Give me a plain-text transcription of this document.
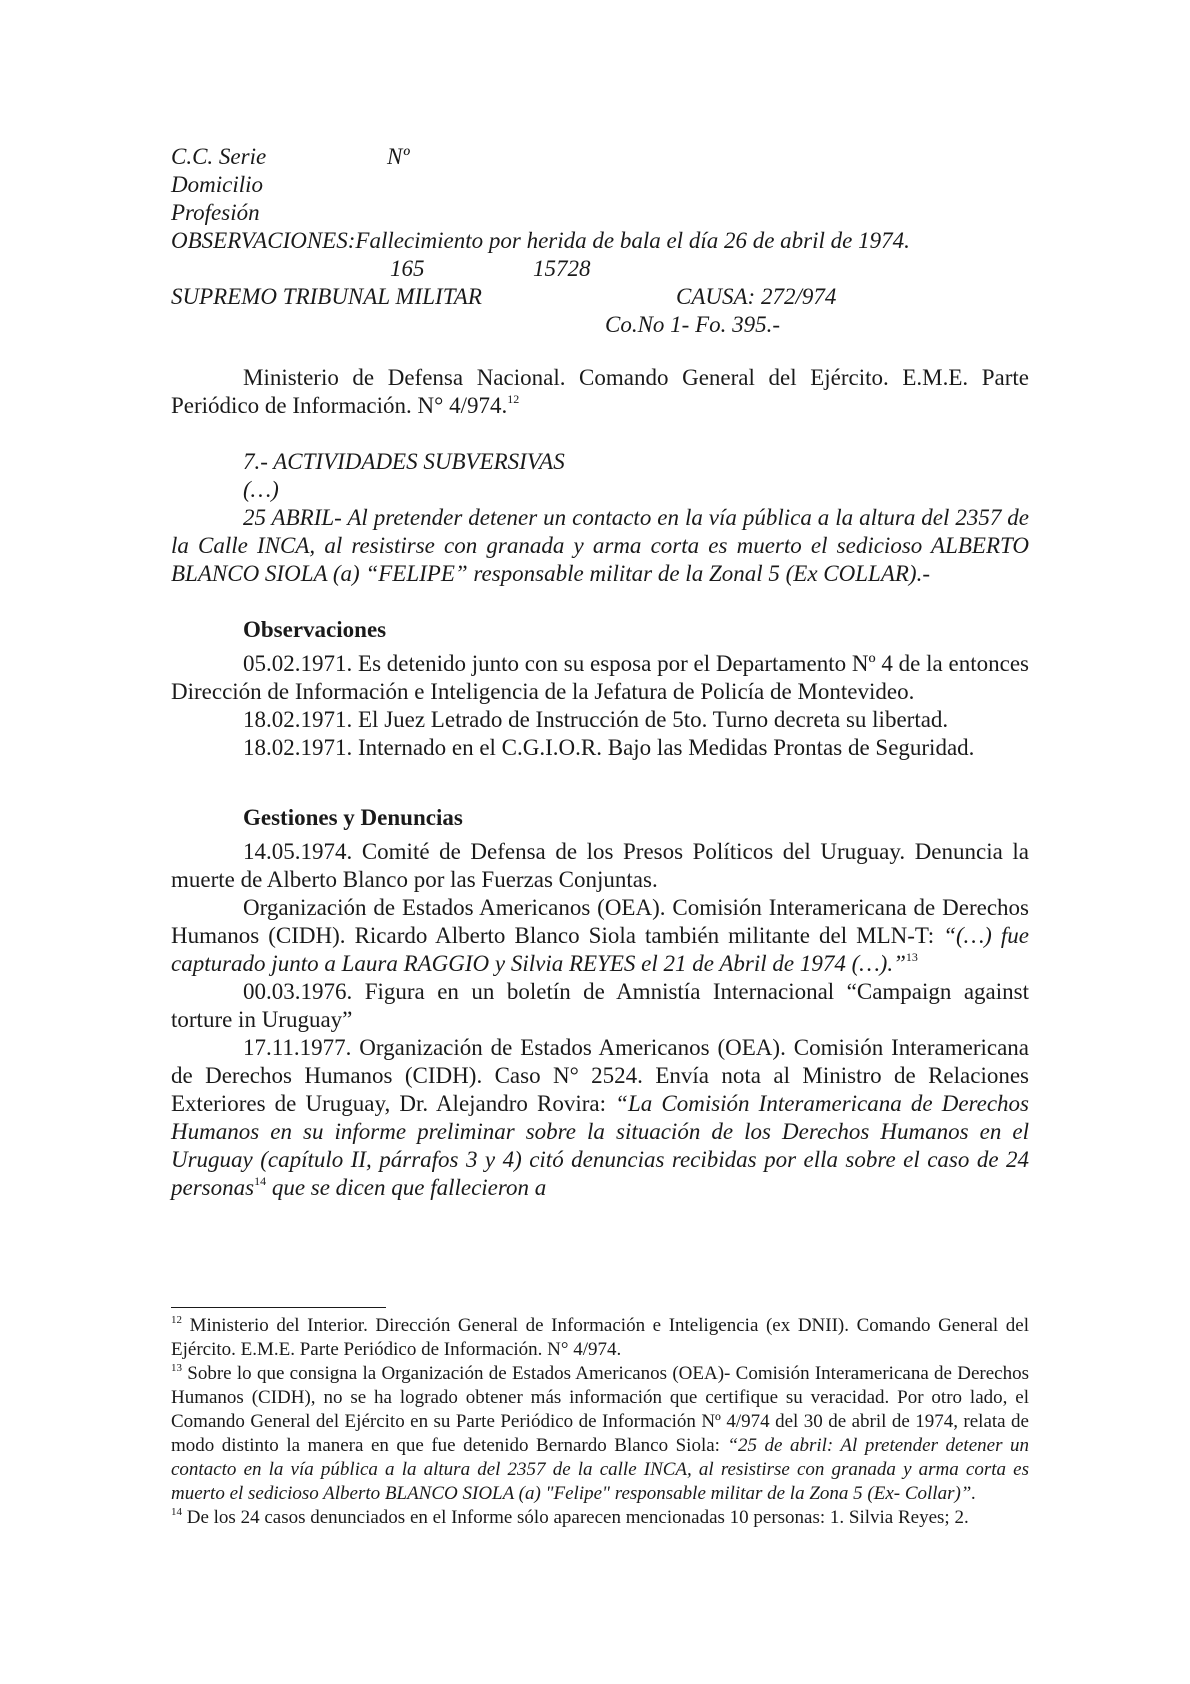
C.C. Serie	Nº
Domicilio
Profesión
OBSERVACIONES:Fallecimiento por herida de bala el día 26 de abril de 1974.
165	15728
SUPREMO TRIBUNAL MILITAR	CAUSA: 272/974
Co.No 1- Fo. 395.-

Ministerio de Defensa Nacional. Comando General del Ejército. E.M.E. Parte Periódico de Información. N° 4/974.12

7.- ACTIVIDADES SUBVERSIVAS

(…)

25 ABRIL- Al pretender detener un contacto en la vía pública a la altura del 2357 de la Calle INCA, al resistirse con granada y arma corta es muerto el sedicioso ALBERTO BLANCO SIOLA (a) “FELIPE” responsable militar de la Zonal 5 (Ex COLLAR).-

Observaciones

05.02.1971. Es detenido junto con su esposa por el Departamento Nº 4 de la entonces Dirección de Información e Inteligencia de la Jefatura de Policía de Montevideo.

18.02.1971. El Juez Letrado de Instrucción de 5to. Turno decreta su libertad.

18.02.1971. Internado en el C.G.I.O.R. Bajo las Medidas Prontas de Seguridad.

Gestiones y Denuncias

14.05.1974. Comité de Defensa de los Presos Políticos del Uruguay. Denuncia la muerte de Alberto Blanco por las Fuerzas Conjuntas.

Organización de Estados Americanos (OEA). Comisión Interamericana de Derechos Humanos (CIDH). Ricardo Alberto Blanco Siola también militante del MLN-T: “(…) fue capturado junto a Laura RAGGIO y Silvia REYES el 21 de Abril de 1974 (…).”$^{13}$

00.03.1976. Figura en un boletín de Amnistía Internacional “Campaign against torture in Uruguay”

17.11.1977. Organización de Estados Americanos (OEA). Comisión Interamericana de Derechos Humanos (CIDH). Caso N° 2524. Envía nota al Ministro de Relaciones Exteriores de Uruguay, Dr. Alejandro Rovira: “La Comisión Interamericana de Derechos Humanos en su informe preliminar sobre la situación de los Derechos Humanos en el Uruguay (capítulo II, párrafos 3 y 4) citó denuncias recibidas por ella sobre el caso de 24 personas$^{14}$ que se dicen que fallecieron a

$^{12}$ Ministerio del Interior. Dirección General de Información e Inteligencia (ex DNII). Comando General del Ejército. E.M.E. Parte Periódico de Información. N° 4/974.

$^{13}$ Sobre lo que consigna la Organización de Estados Americanos (OEA)- Comisión Interamericana de Derechos Humanos (CIDH), no se ha logrado obtener más información que certifique su veracidad. Por otro lado, el Comando General del Ejército en su Parte Periódico de Información Nº 4/974 del 30 de abril de 1974, relata de modo distinto la manera en que fue detenido Bernardo Blanco Siola: “25 de abril: Al pretender detener un contacto en la vía pública a la altura del 2357 de la calle INCA, al resistirse con granada y arma corta es muerto el sedicioso Alberto BLANCO SIOLA (a) "Felipe" responsable militar de la Zona 5 (Ex- Collar)”.

$^{14}$ De los 24 casos denunciados en el Informe sólo aparecen mencionadas 10 personas: 1. Silvia Reyes; 2.
